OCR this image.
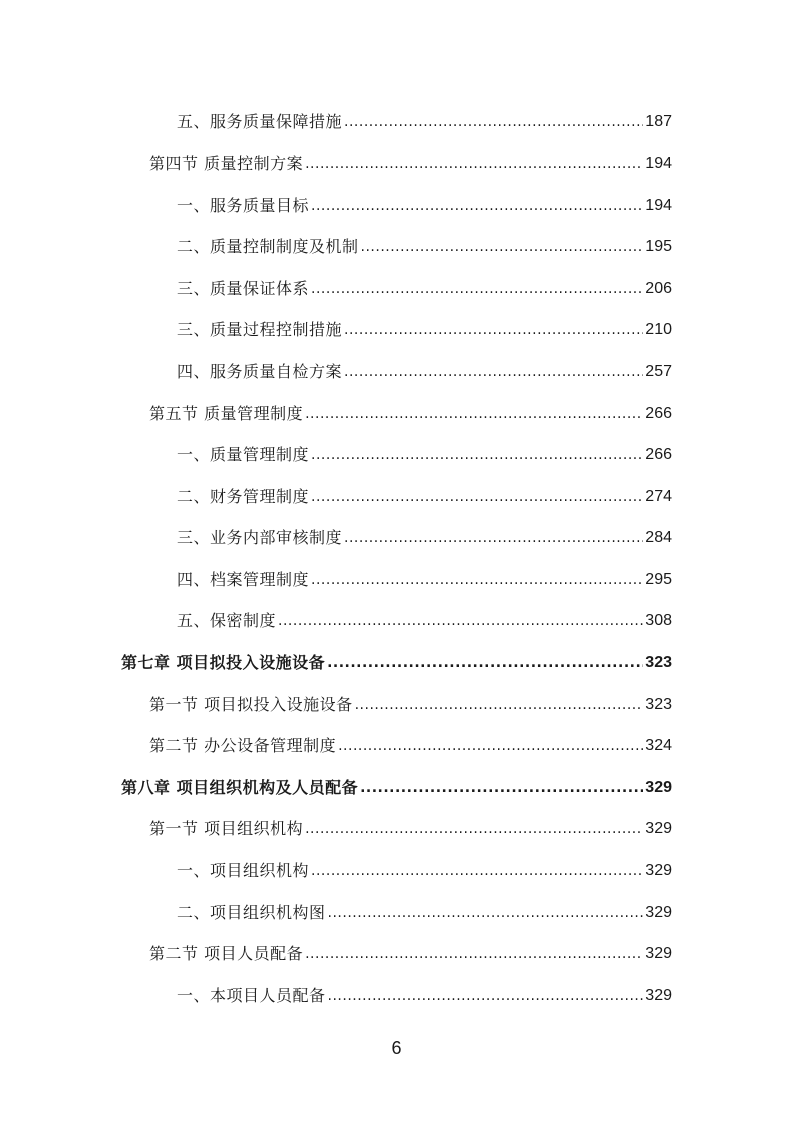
五、服务质量保障措施 .....	187
第四节 质量控制方案 .....	194
一、服务质量目标 .....	194
二、质量控制制度及机制 .....	195
三、质量保证体系 .....	206
三、质量过程控制措施 .....	210
四、服务质量自检方案 .....	257
第五节 质量管理制度 .....	266
一、质量管理制度 .....	266
二、财务管理制度 .....	274
三、业务内部审核制度 .....	284
四、档案管理制度 .....	295
五、保密制度 .....	308
第七章 项目拟投入设施设备 .....	323
第一节 项目拟投入设施设备 .....	323
第二节 办公设备管理制度 .....	324
第八章 项目组织机构及人员配备 .....	329
第一节 项目组织机构 .....	329
一、项目组织机构 .....	329
二、项目组织机构图 .....	329
第二节 项目人员配备 .....	329
一、本项目人员配备 .....	329
6
